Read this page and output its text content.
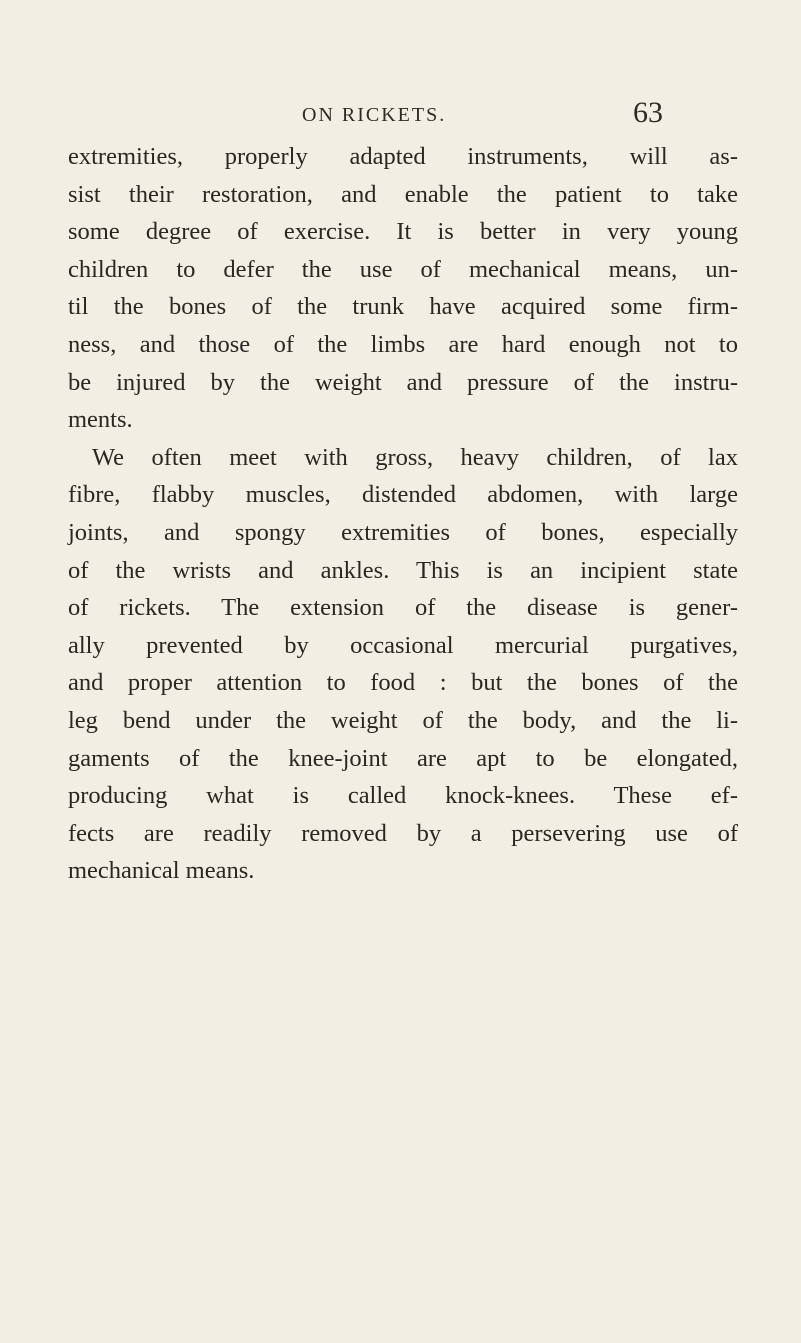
ON RICKETS.	63
extremities, properly adapted instruments, will as-
sist their restoration, and enable the patient to take
some degree of exercise. It is better in very young
children to defer the use of mechanical means, un-
til the bones of the trunk have acquired some firm-
ness, and those of the limbs are hard enough not to
be injured by the weight and pressure of the instru-
ments.
We often meet with gross, heavy children, of lax
fibre, flabby muscles, distended abdomen, with large
joints, and spongy extremities of bones, especially
of the wrists and ankles. This is an incipient state
of rickets. The extension of the disease is gener-
ally prevented by occasional mercurial purgatives,
and proper attention to food : but the bones of the
leg bend under the weight of the body, and the li-
gaments of the knee-joint are apt to be elongated,
producing what is called knock-knees. These ef-
fects are readily removed by a persevering use of
mechanical means.
